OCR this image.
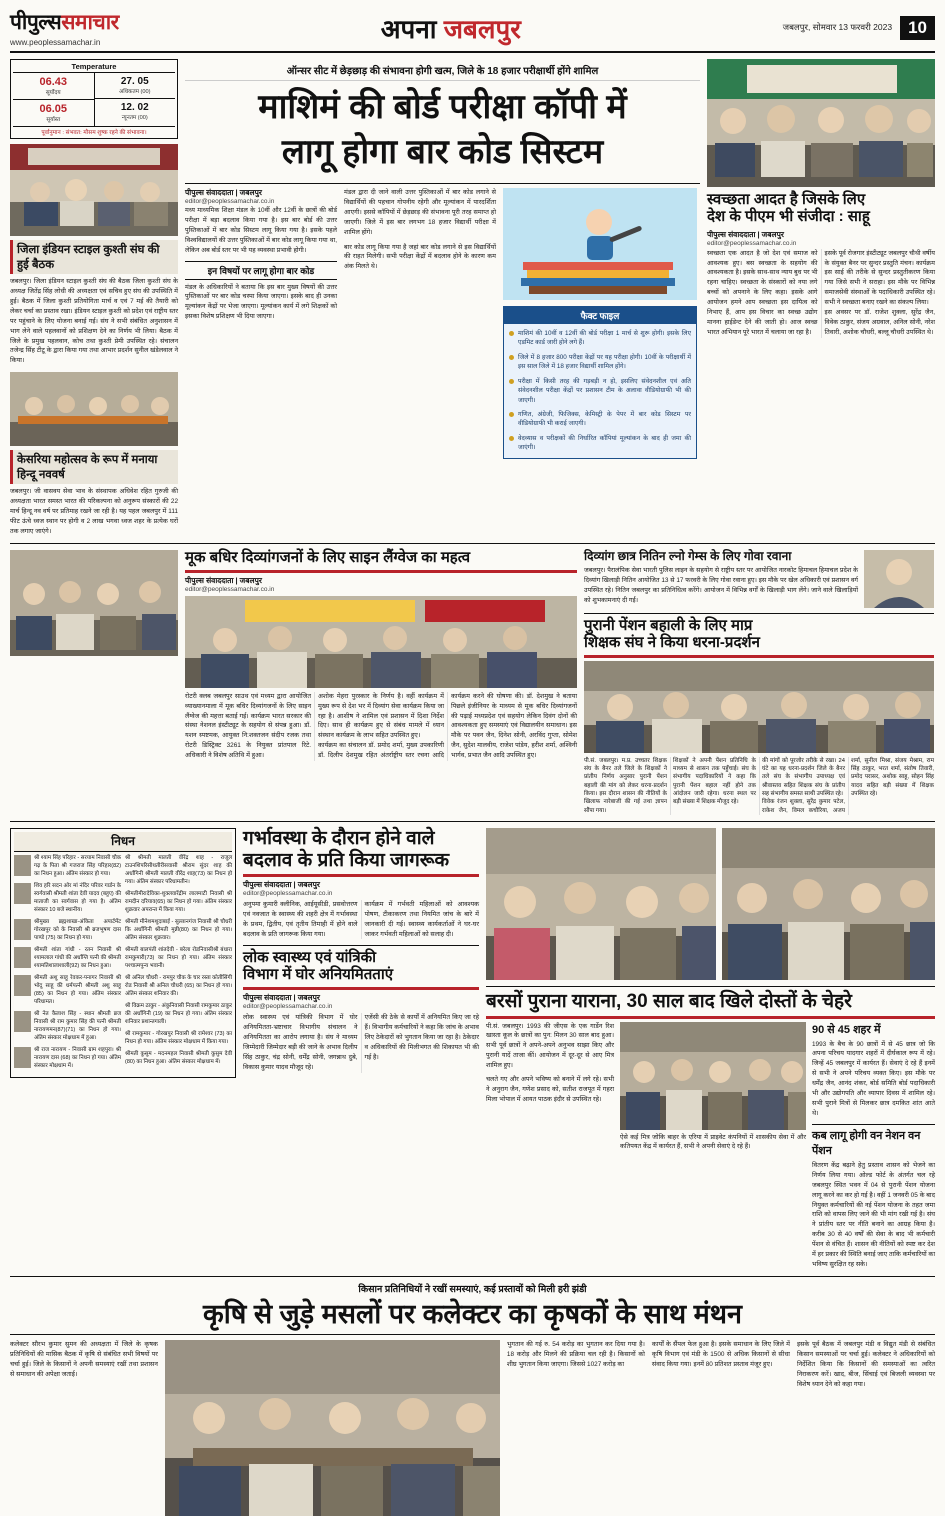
पीपुल्ससमाचार
www.peoplessamachar.in	अपना जबलपुर	जबलपुर, सोमवार 13 फरवरी 2023 10
Temperature
06.43
सूर्योदय
06.05
सूर्यास्त
27. 05
अधिकतम (00)
12. 02
न्यूनतम (00)
पूर्वानुमान : संभवत: मौसम शुष्क रहने की संभावना।
जिला इंडियन स्टाइल कुश्ती संघ की हुई बैठक
जबलपुर। जिला इंडियन स्टाइल कुश्ती संघ की बैठक जिला कुश्ती संघ के अध्यक्ष जितेंद्र सिंह लोधी की अध्यक्षता एवं सचिव हुए संघ की उपस्थिति में हुई। बैठक में जिला कुश्ती प्रतियोगिता मार्च व एवं 7 मई की तैयारी को लेकर चर्चा का प्रस्ताव रखा। इंडियन स्टाइल कुश्ती को प्रदेश एवं राष्ट्रीय स्तर पर पहुंचाने के लिए योजना बनाई गई। संघ ने सभी संबंधित अनुशासन में भाग लेने वाले पहलवानों को प्रशिक्षण देने का निर्णय भी लिया। बैठक में जिले के प्रमुख पहलवान, कोच तथा कुश्ती प्रेमी उपस्थित रहे। संचालन तजेन्द्र सिंह टीटू के द्वारा किया गया तथा आभार प्रदर्शन सुनील खंडेलवाल ने किया।
केसरिया महोत्सव के रूप में मनाया हिन्दू नववर्ष
जबलपुर। जी वासवय सेवा भाव के संस्थापक अधिवेश रहित गुरुजी की अध्यक्षता भारत समस्त भारत की परिकल्पना को अनुरूप संस्कारों की 22 मार्च हिन्दू नव वर्ष पर प्रतिमाह रखने जा रही है। यह पहल जबलपुर में 111 फीट ऊंचे ध्वज स्थान पर होगी व 2 लाख भगवा ध्वज शहर के प्रत्येक घरों तक लगाए जाएंगे।
ऑन्सर सीट में छेड़छाड़ की संभावना होगी खत्म, जिले के 18 हजार परीक्षार्थी होंगे शामिल
माशिमं की बोर्ड परीक्षा कॉपी में
लागू होगा बार कोड सिस्टम
पीपुल्स संवाददाता | जबलपुर
editor@peoplessamachar.co.in
मध्य माध्यमिक शिक्षा मंडल के 10वीं और 12वीं के छात्रों की बोर्ड परीक्षा में बड़ा बदलाव किया गया है। इस बार बोर्ड की उत्तर पुस्तिकाओं में बार कोड सिस्टम लागू किया गया है। इसके पहले विश्वविद्यालयों की उत्तर पुस्तिकाओं में बार कोड लागू किया गया था, लेकिन अब बोर्ड स्तर पर भी यह व्यवस्था प्रभावी होगी।
इन विषयों पर लागू होगा बार कोड
मंडल के अधिकारियों ने बताया कि इस बार मुख्य विषयों की उत्तर पुस्तिकाओं पर बार कोड चस्पा किया जाएगा। इसके बाद ही उनका मूल्यांकन केंद्रों पर भेजा जाएगा। मूल्यांकन कार्य में लगे शिक्षकों को इसका विशेष प्रशिक्षण भी दिया जाएगा।
मंडल द्वारा दी जाने वाली उत्तर पुस्तिकाओं में बार कोड लगाने से विद्यार्थियों की पहचान गोपनीय रहेगी और मूल्यांकन में पारदर्शिता आएगी। इससे कॉपियों में छेड़छाड़ की संभावना पूरी तरह समाप्त हो जाएगी। जिले में इस बार लगभग 18 हजार विद्यार्थी परीक्षा में शामिल होंगे।
बार कोड लागू किया गया है जहां बार कोड लगाने से इस विद्यार्थियों की राहत मिलेगी। सभी परीक्षा केंद्रों में बदलाव होने के कारण कम अंक मिलते थे।
फैक्ट फाइल
माशिमं की 10वीं व 12वीं की बोर्ड परीक्षा 1 मार्च से शुरू होगी। इसके लिए एडमिट कार्ड जारी होने लगे हैं।
जिले में 8 हजार 800 परीक्षा केंद्रों पर यह परीक्षा होगी। 10वीं के परीक्षार्थी में इस साल जिले में 18 हजार विद्यार्थी शामिल होंगे।
परीक्षा में किसी तरह की गड़बड़ी न हो, इसलिए संवेदनशील एवं अति संवेदनशील परीक्षा केंद्रों पर प्रशासन टीम के अलावा वीडियोग्राफी भी की जाएगी।
गणित, अंग्रेजी, फिजिक्स, केमिस्ट्री के पेपर में बार कोड सिस्टम पर वीडियोग्राफी भी कराई जाएगी।
वेदव्यास व परीक्षकों की निर्धारित कॉपियां मूल्यांकन के बाद ही जमा की जाएंगी।
स्वच्छता आदत है जिसके लिए
देश के पीएम भी संजीदा : साहू
पीपुल्स संवाददाता | जबलपुर
editor@peoplessamachar.co.in
स्वच्छता एक आदत है जो देश एवं समाज को आवश्यक हुए। बस स्वच्छता के सहयोग की आवश्यकता है। इसके साथ-साथ न्याय बुध पर भी रहना चाहिए। स्वच्छता के संस्कारों को नया लगे बच्चों को अपनाने के लिए कहा। इसके आगे आयोजन हमने आप स्वच्छता इस दायित्व को निभाए हैं, आप इस विचार का स्वच्छ उद्योग मानना हाईडेन्ट देने की जाती हो। आज स्वच्छ भारत अभियान पूरे भारत में चलाया जा रहा है।
इसके पूर्व रोजगार इंस्टीट्यूट जबलपुर चौथी वर्षीय के संयुक्त बैनर पर सुन्दर प्रस्तुति मंचन। कार्यक्रम इस साई की तरीके से सुन्दर प्रस्तुतीकरण किया गया जिसे सभी ने सराहा। इस मौके पर विभिन्न समाजसेवी संस्थाओं के पदाधिकारी उपस्थित रहे। सभी ने स्वच्छता बनाए रखने का संकल्प लिया।
इस अवसर पर डॉ. राजेश शुक्ला, सुरेंद्र जैन, विवेक ठाकुर, संजय अग्रवाल, अनिल सोनी, नरेश तिवारी, अशोक चौधरी, बल्लू चौधरी उपस्थित थे।
मूक बधिर दिव्यांगजनों के लिए साइन लैंग्वेज का महत्व
पीपुल्स संवाददाता | जबलपुर
editor@peoplessamachar.co.in
रोटरी क्लब जबलपुर साउथ एवं मध्यम द्वारा आयोजित व्याख्यानमाला में मूक बधिर दिव्यांगजनों के लिए साइन लैंग्वेज की महत्ता बताई गई। कार्यक्रम भारत सरकार की संस्था नेशनल इंस्टीट्यूट के सहयोग से संपन्न हुआ। डॉ. यशन स्पष्टमक, आयुक्त नि:शक्तजन संदीप रजक तथा रोटरी डिस्ट्रिक्ट 3261 के नियुक्त प्रांतपाल रिटे. अधिकारी ने विशेष अतिथि में हुआ।
अशोक मेहरा पुरस्कार के निर्णय है। वहीं कार्यक्रम में मुख्य रूप से देश भर में दिव्यांग सेवा कार्यक्रम किया जा रहा है। आशीष ने शामिल एवं प्रशासन में दिशा निर्देश दिए। साथ ही कार्यक्रम हुए से संबंध मामले में ध्यान संस्थान कार्यक्रम के लाभ सहित उपस्थित हुए।
कार्यक्रम का संचालन डॉ. प्रमोद शर्मा, मुख्य उपकारिणी डॉ. दिलीप देशमुख रहित अंतर्राष्ट्रीय स्तर रचना आदि कार्यक्रम करने की घोषणा की। डॉ. देशमुख ने बताया पिछले इंजीनियर के माध्यम से मूक बधिर दिव्यांगजनों की पढ़ाई मध्यप्रदेश एवं सहयोग लेकिन दिवंग दोनों की आवश्यकता हुए समस्याएं एवं विद्यालयीन समाधान। इस मौके पर पवन जैन, दिनेश सोनी, अरविंद गुप्ता, सोमेश जैन, सुदेश मालवीय, राजेश पांडेय, हरीश शर्मा, अश्विनी भार्गव, प्रभात जैन आदि उपस्थित हुए।
दिव्यांग छात्र नितिन ल्नो गेम्स के लिए गोवा रवाना
जबलपुर। पैरालंपिक सेवा भारती पुलिस लाइन के सहयोग से राष्ट्रीय स्तर पर आयोजित नारकोट हिमाचल हिमाचल प्रदेश के दिव्यांग खिलाड़ी नितिन आयोजित 13 से 17 फरवरी के लिए गोवा रवाना हुए। इस मौके पर खेल अधिकारी एवं प्रशासन वर्ग उपस्थित रहे। नितिन जबलपुर का प्रतिनिधित्व करेंगे। आयोजन में विभिन्न वर्गों के खिलाड़ी भाग लेंगे। जाने वाले खिलाड़ियों को शुभकामनाएं दी गईं।
पुरानी पेंशन बहाली के लिए माप्र
शिक्षक संघ ने किया धरना-प्रदर्शन
पी.सं. जबलपुर। म.प्र. उच्चतर शिक्षक संघ के बैनर तले जिले के शिक्षकों ने प्रांतीय निर्णय अनुसार पुरानी पेंशन बहाली की मांग को लेकर धरना-प्रदर्शन किया। इस दौरान शासन की नीतियों के खिलाफ नारेबाजी की गई तथा ज्ञापन सौंपा गया।
शिक्षकों ने अपनी पेंशन प्रतिनिधि के माध्यम से शासन तक पहुँचाई। संघ के संभागीय पदाधिकारियों ने कहा कि पुरानी पेंशन बहाल नहीं होने तक आंदोलन जारी रहेगा। धरना स्थल पर बड़ी संख्या में शिक्षक मौजूद रहे।
की मांगों को पूरजोर तरीके से रखा। 24 घंटे का यह धरना-प्रदर्शन जिले के बैनर तले संघ के संभागीय उपाध्यक्ष एवं श्रीवास्तव सहित शिक्षक संघ के प्रांतीय सह संभागीय समस्त साथी उपस्थित रहे।
विवेक रंजन शुक्ला, सुरेंद्र कुमार पटेल, राकेश जैन, विमल कचौरिया, अजय शर्मा, सुनील मिश्रा, संजय मेश्राम, राम सिंह ठाकुर, भरत शर्मा, संतोष तिवारी, प्रमोद परासर, अशोक साहू, सोहन सिंह यादव सहित बड़ी संख्या में शिक्षक उपस्थित रहे।
निधन
श्री श्याम सिंह परिहार - सरयाम निवासी चौक गढ़ के पिता श्री गजराज सिंह परिहार(82) का निधन हुआ। अंतिम संस्कार हो गया।
शिव हरि सदन ओर मां नंदिर परिवर गार्डन के स्वर्गवासी श्रीमती शांता देवी यादव (बहुए) की माताजी का स्वर्गवास हो गया है। अंतिम संस्कार 10 बजे स्थानीय।
श्रीमुख्य ब्रह्मशाखा-अंकिता अपार्टमेंट गोरखपुर को के निवासी श्री ब्रजभूषण दास पाण्डे (75) का निधन हो गया।
श्रीमती शांता गांधी - रतन निवासी श्री श्यामलाल गांधी की अर्धांग्ति पत्नी की श्रीमती श्यामतिशालाशाली(92) का निधन हुआ।
श्रीमती अशु साहू रेवकर-पनागर निवासी श्री भोदू साहू की धर्मपत्नी श्रीमती अशु साहू (85) का निधन हो गया। अंतिम संस्कार परिधामत।
श्री नेत कैलाश सिंह - स्थान श्रीमती ब्रज निवासी श्री राम कुमार सिंह की पत्नी श्रीमती नारायणमन(87)(71) का निधन हो गया। अंतिम संस्कार मोक्षधाम में हुआ।
श्री राज नारायण - निवासी ग्राम शहपुरा। श्री नारायण दास (68) का निधन हो गया। अंतिम संस्कार मोक्षधाम में।
श्री श्रीमती मालती वीरेंद्र शाह - राजुल टाउनशिपरिसीथतीरीसवासी श्रीराम सुंदर शाह की अर्धांगिनी श्रीमती मालती वीरेंद्र शाह(73) का निधन हो गया। अंतिम संस्कार परिधामतीन।
श्रीमतीमीरादेविका-शुक्लवारेंद्रीम लालमाटी निवासी श्री रामदीन दरियाव(65) का निधन हो गया। अंतिम संस्कार शुक्रवार अपरान्त में किया गया।
श्रीमती मीनेशमशुदाबाई - सुल्तानगंज निवासी श्री चौधरी कि अर्धांगिनी श्रीमती मुन्नी(80) का निधन हो गया। अंतिम संस्कार शुक्रवार।
श्रीमती बालपंती शांतदेवी - बरेला रोडनिवासीश्री बंधारा रामकुमारी(73) का निधन हो गया। अंतिम संस्कार पश्चात्मपुन्य भवानी।
श्री अनिल चौधरी - रामपुर चौक के चार रस्ता कोतीसिंगी रोड निवासी श्री अनिल चौधरी (65) का निधन हो गया। अंतिम संस्कार शनिवार की।
श्री विक्रम ठाकुर - अंकुनिवासी निवासी रामकुमार ठाकुर की अर्धांगिनी (19) का निधन हो गया। अंतिम संस्कार शनिवार प्रशान्तगाली।
श्री रामकुमार - गोरखपुर निवासी श्री रामेश्वर (73) का निधन हो गया। अंतिम संस्कार मोक्षधाम में किया गया।
श्रीमती कुसुम - मदनमहल निवासी श्रीमती कुसुम देवी (80) का निधन हुआ। अंतिम संस्कार मोक्षधाम में।
गर्भावस्था के दौरान होने वाले
बदलाव के प्रति किया जागरूक
पीपुल्स संवाददाता | जबलपुर
editor@peoplessamachar.co.in
अनुपमा कुमारी क्लीनिक, आईयूसीडी, प्रसवोत्तरण एवं नवजात के स्वास्थ्य की शहरी क्षेत्र में गर्भावस्था के प्रथम, द्वितीय, एवं तृतीय तिमाही में होने वाले बदलाव के प्रति जागरूक किया गया।
कार्यक्रम में गर्भवती महिलाओं को आवश्यक पोषण, टीकाकरण तथा नियमित जांच के बारे में जानकारी दी गई। स्वास्थ्य कार्यकर्ताओं ने घर-घर जाकर गर्भवती महिलाओं को सलाह दी।
लोक स्वास्थ्य एवं यांत्रिकी
विभाग में घोर अनियमितताएं
पीपुल्स संवाददाता | जबलपुर
editor@peoplessamachar.co.in
लोक स्वास्थ्य एवं यांत्रिकी विभाग में घोर अनियमितता-भ्रष्टाचार विभागीय संचालन ने अनियमितता का आरोप लगाया है। संघ ने माध्यम जिम्मेदारी जिम्मेदार बड़ी की जाने के अभाव दिलीप सिंह ठाकुर, चंद्र सोनी, धर्मेंद्र सोनी, जगन्नाथ दुबे, विकास कुमार यादव मौजूद रहे।
एजेंसी की ठेके से कार्यों में अनियमित किए जा रहे हैं। विभागीय कर्मचारियों ने कहा कि जांच के अभाव लिए ठेकेदारों को भुगतान किया जा रहा है। ठेकेदार व अधिकारियों की मिलीभगत की शिकायत भी की गई है।
बरसों पुराना याराना, 30 साल बाद खिले दोस्तों के चेहरे
पी.सं. जबलपुर। 1993 की जीएस के एक गार्डेन रिश खास्ता कूल के छात्रों का पुन: मिलन 30 साल बाद हुआ। सभी पूर्व छात्रों ने अपने-अपने अनुभव साझा किए और पुरानी यादें ताजा कीं। आयोजन में दूर-दूर से आए मित्र शामिल हुए।
चलते गए और अपने भविष्य को बनाने में लगे रहे। सभी ने अनुराग जैन, गणेश प्रसाद को, सतीश राजपूत में गहरा मिला भोपाल में आयत पाठक इंदौर से उपस्थित रहे।
ऐसे कई मित्र जोकि बाहर के एरिया में प्राइवेट कंपनियों में शासकीय सेवा में और कतिपयत केंद्र में कार्यरत हैं, सभी ने अपनी सेवाएं दे रहे हैं।
90 से 45 शहर में
1993 के बैच के 90 छात्रों में से 45 छात्र जो कि अपना परिचय यादगार शहरों में दीर्घकाल रूप में रहे। जिन्हें 45 जबलपुर में कार्यरत हैं। सेवाएं दे रहे हैं इनमें से सभी ने अपने परिचय व्यक्त किए। इस मौके पर धर्मेंद्र जैन, आनंद शंकर, बोर्ड समिति बोर्ड पदाधिकारी भी और उद्योगपति और व्यापार दिवस में शामिल रहे। सभी पुराने मित्रों से मिलकर छात्र दमकित शांत आते थे।
कब लागू होगी वन नेशन वन पेंशन
वितरण केंद्र बढ़ाने हेतु प्रस्ताव शासन को भेजने का निर्णय लिया गया। ओल्ड फोर्ट के अंतर्गत चल रहे जबलपुर स्थित भवन में 04 से पुरानी पेंशन योजना लागू करने का कर हो गई है। वहीं 1 जनवरी 05 के बाद नियुक्त कर्मचारियों की नई पेंशन योजना के तहत जमा राशि को वापस लिए जाने की भी मांग रखी गई है। संघ ने प्रांतीय स्तर पर नीति बनाने का आग्रह किया है। करीब 30 से 40 वर्षों की सेवा के बाद भी कर्मचारी पेंशन से वंचित हैं। शासन की नीतियों को स्पष्ट कर देश में हर प्रकार की स्थिति बनाई जाए ताकि कर्मचारियों का भविष्य सुरक्षित रह सके।
किसान प्रतिनिधियों ने रखीं समस्याएं, कई प्रस्तावों को मिली हरी झंडी
कृषि से जुड़े मसलों पर कलेक्टर का कृषकों के साथ मंथन
कलेक्टर सौरभ कुमार सुमन की अध्यक्षता में जिले के कृषक प्रतिनिधियों की मासिक बैठक में कृषि से संबंधित सभी विषयों पर चर्चा हुई। जिले के किसानों ने अपनी समस्याएं रखीं तथा प्रशासन से समाधान की अपेक्षा जताई।
भुगतान की गई रु. 54 करोड़ का भुगतान कर दिया गया है। 18 करोड़ और मिलने की प्रक्रिया चल रही है। किसानों को शीघ्र भुगतान किया जाएगा। जिससे 1027 करोड़ का
कार्यों के सैंपल फेल हुआ है। इसके समाधान के लिए जिले में कृषि विभाग एवं मंडी के 1500 से अधिक किसानों से सीधा संवाद किया गया। इनमें 80 प्रतिशत प्रस्ताव मंजूर हुए।
इसके पूर्व बैठक में जबलपुर मंडी व विद्युत मंडी से संबंधित किसान समस्याओं पर चर्चा हुई। कलेक्टर ने अधिकारियों को निर्देशित किया कि किसानों की समस्याओं का त्वरित निराकरण करें। खाद, बीज, सिंचाई एवं बिजली व्यवस्था पर विशेष ध्यान देने को कहा गया।
